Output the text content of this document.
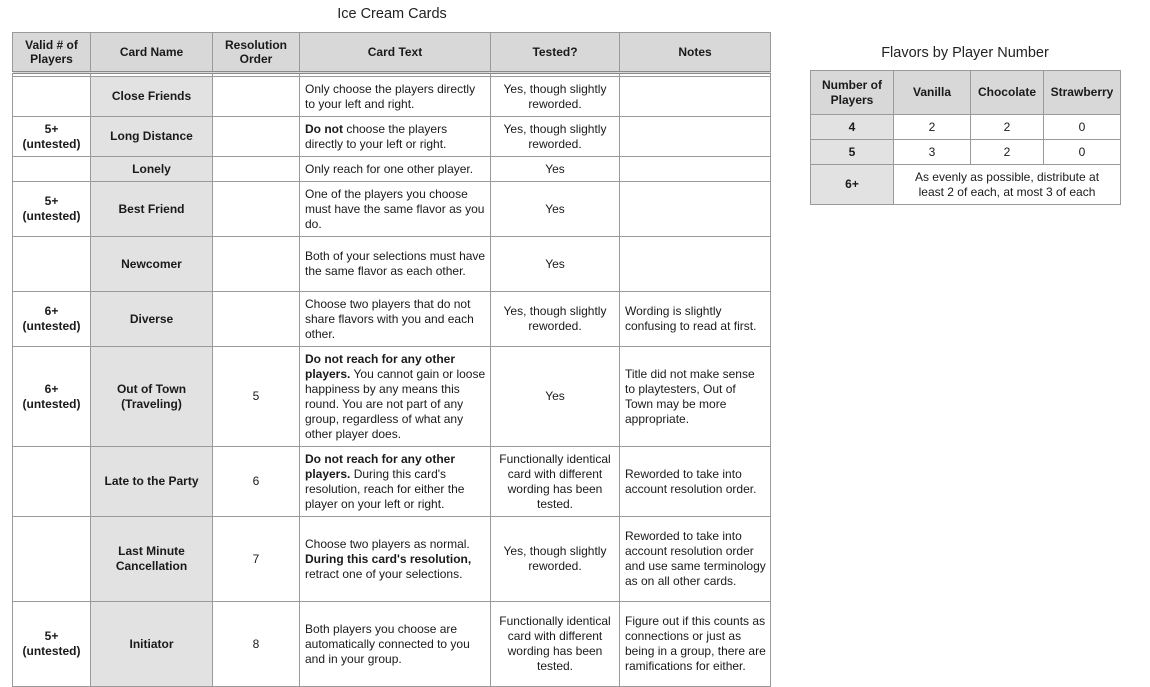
Ice Cream Cards
Valid # of Players	Card Name	Resolution Order	Card Text	Tested?	Notes

	Close Friends		Only choose the players directly to your left and right.	Yes, though slightly reworded.	
5+
(untested)	Long Distance		Do not choose the players directly to your left or right.	Yes, though slightly reworded.	
	Lonely		Only reach for one other player.	Yes	
5+
(untested)	Best Friend		One of the players you choose must have the same flavor as you do.	Yes	
	Newcomer		Both of your selections must have the same flavor as each other.	Yes	
6+
(untested)	Diverse		Choose two players that do not share flavors with you and each other.	Yes, though slightly reworded.	Wording is slightly confusing to read at first.
6+
(untested)	Out of Town (Traveling)	5	Do not reach for any other players. You cannot gain or loose happiness by any means this round. You are not part of any group, regardless of what any other player does.	Yes	Title did not make sense to playtesters, Out of Town may be more appropriate.
	Late to the Party	6	Do not reach for any other players. During this card's resolution, reach for either the player on your left or right.	Functionally identical card with different wording has been tested.	Reworded to take into account resolution order.
	Last Minute Cancellation	7	Choose two players as normal. During this card's resolution, retract one of your selections.	Yes, though slightly reworded.	Reworded to take into account resolution order and use same terminology as on all other cards.
5+
(untested)	Initiator	8	Both players you choose are automatically connected to you and in your group.	Functionally identical card with different wording has been tested.	Figure out if this counts as connections or just as being in a group, there are ramifications for either.
Flavors by Player Number
Number of Players	Vanilla	Chocolate	Strawberry
4	2	2	0
5	3	2	0
6+	As evenly as possible, distribute at least 2 of each, at most 3 of each		
